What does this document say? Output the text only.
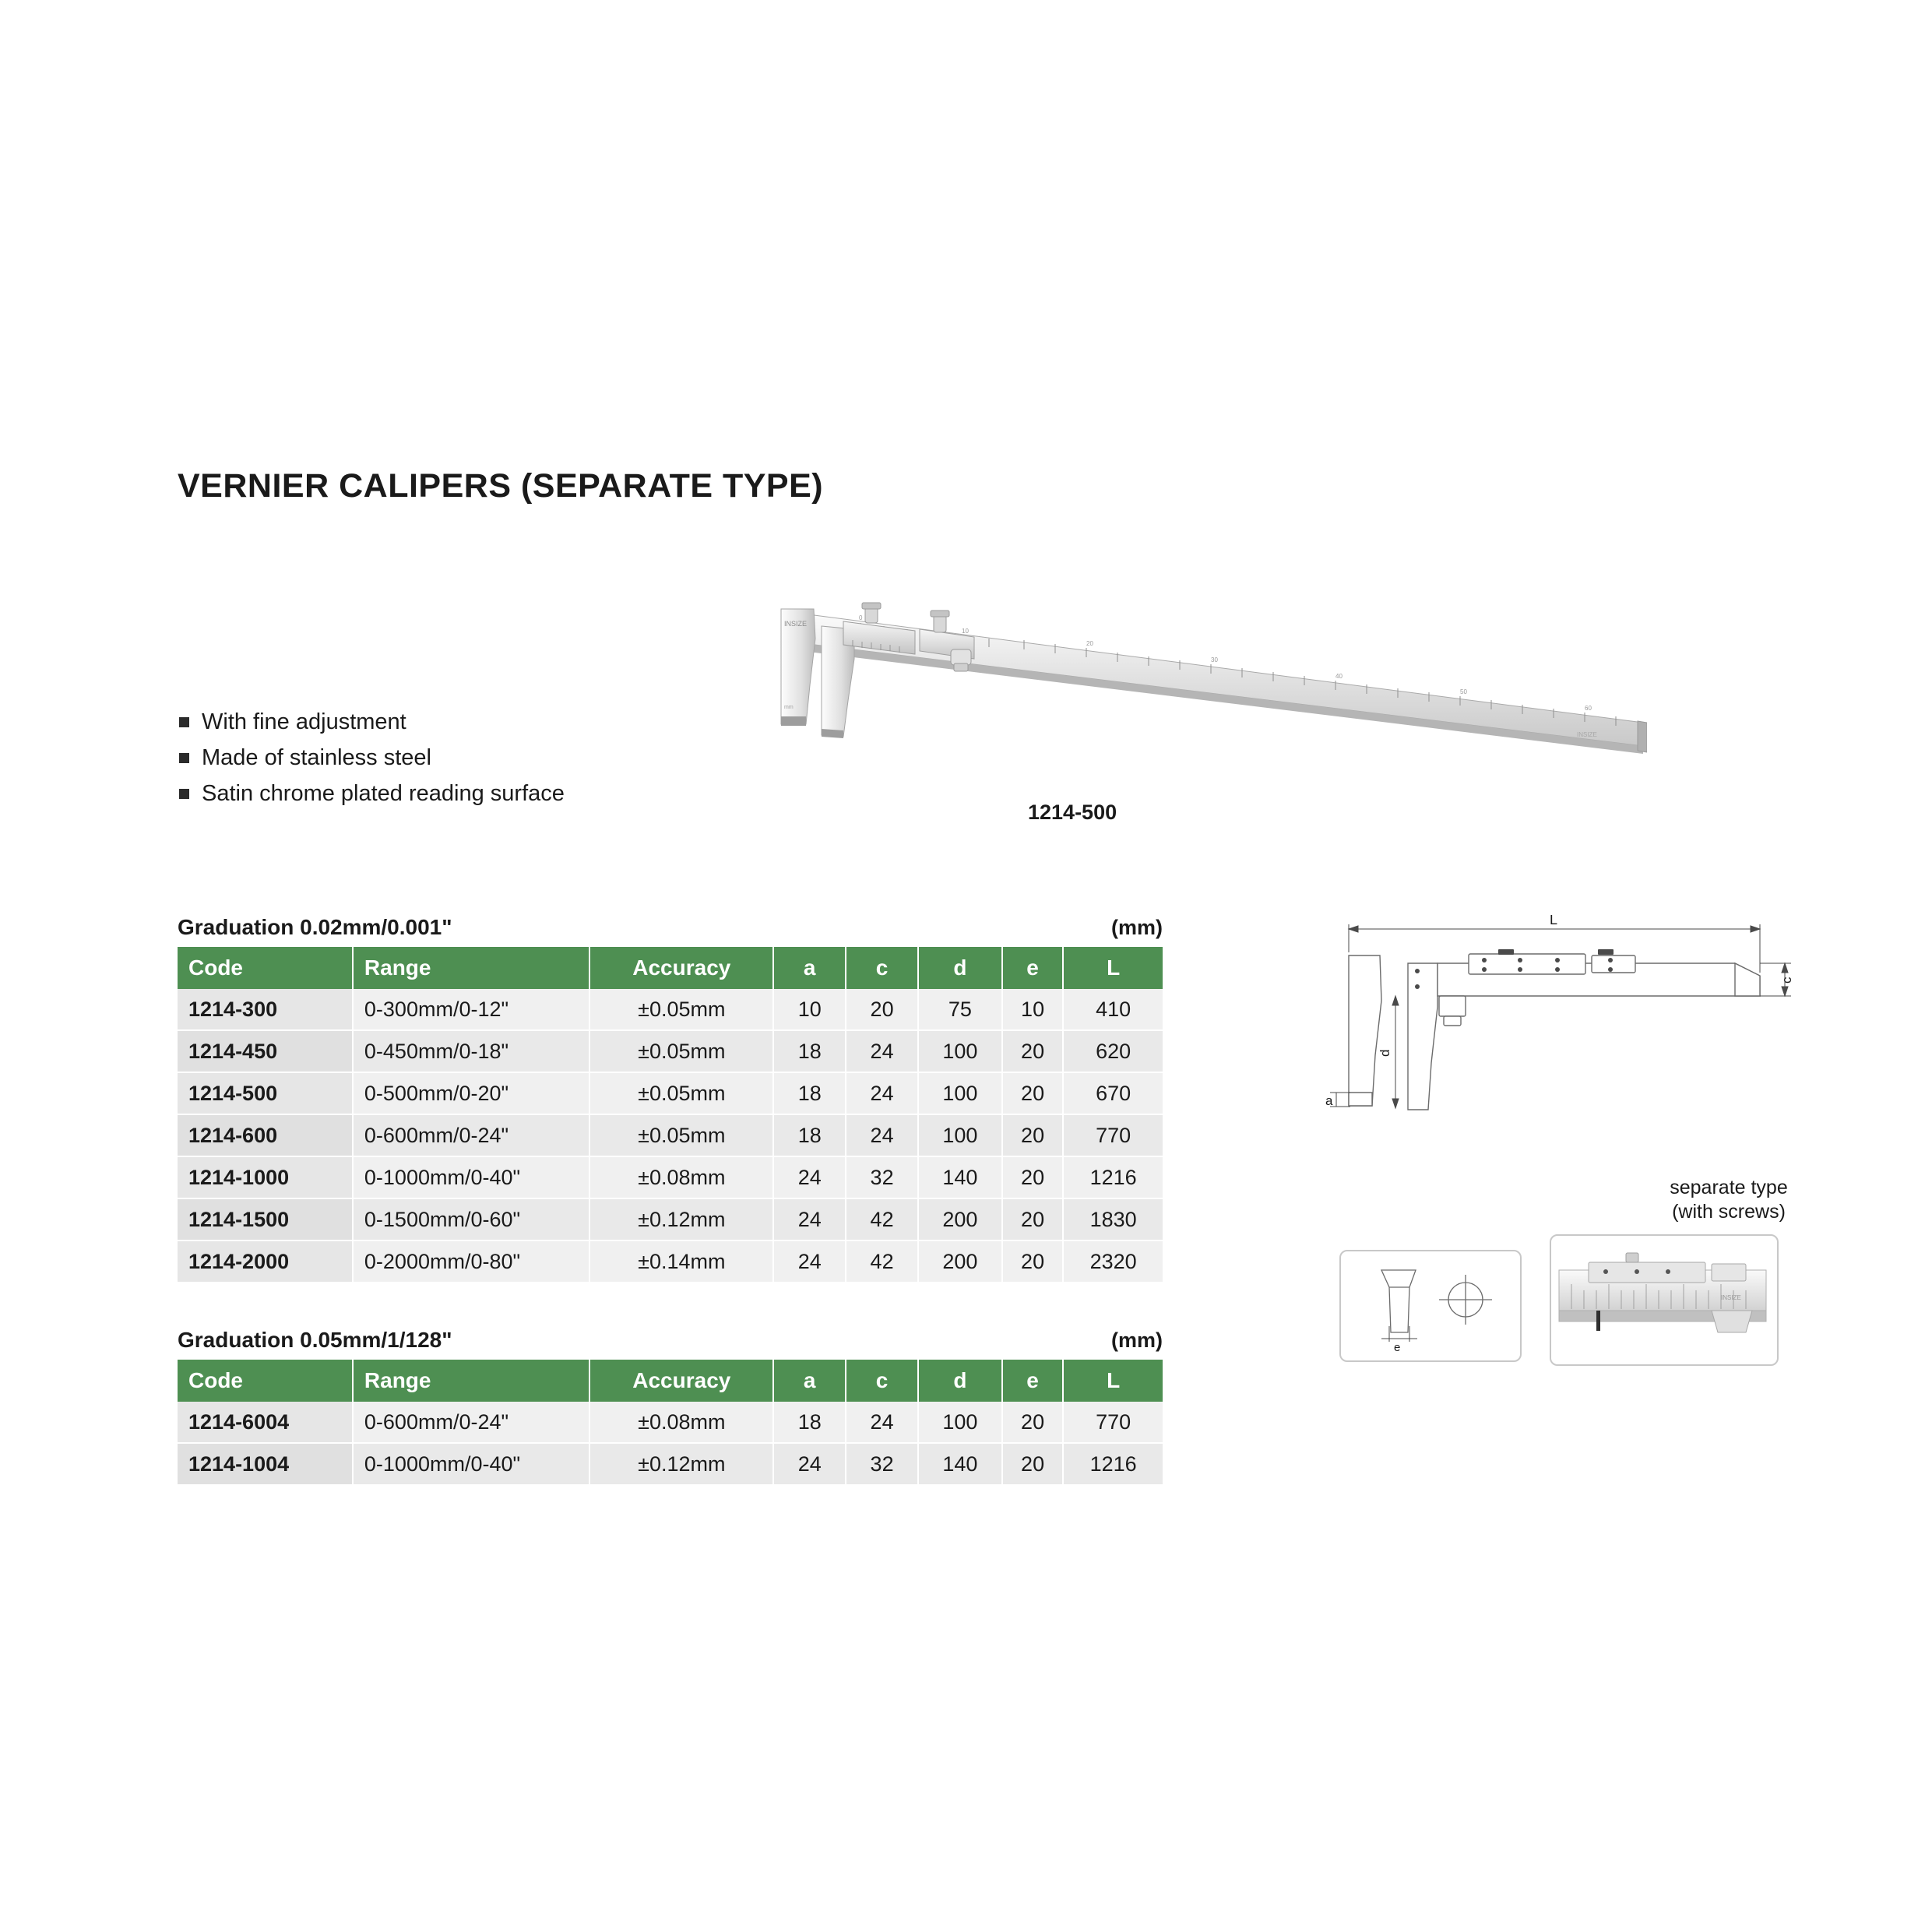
VERNIER CALIPERS (SEPARATE TYPE)
With fine adjustment
Made of stainless steel
Satin chrome plated reading surface
0
10
20
30
40
50
60
INSIZE
mm
INSIZE
1214-500
Graduation 0.02mm/0.001"	(mm)
Code	Range	Accuracy	a	c	d	e	L
1214-300	0-300mm/0-12"	±0.05mm	10	20	75	10	410
1214-450	0-450mm/0-18"	±0.05mm	18	24	100	20	620
1214-500	0-500mm/0-20"	±0.05mm	18	24	100	20	670
1214-600	0-600mm/0-24"	±0.05mm	18	24	100	20	770
1214-1000	0-1000mm/0-40"	±0.08mm	24	32	140	20	1216
1214-1500	0-1500mm/0-60"	±0.12mm	24	42	200	20	1830
1214-2000	0-2000mm/0-80"	±0.14mm	24	42	200	20	2320
Graduation 0.05mm/1/128"	(mm)
Code	Range	Accuracy	a	c	d	e	L
1214-6004	0-600mm/0-24"	±0.08mm	18	24	100	20	770
1214-1004	0-1000mm/0-40"	±0.12mm	24	32	140	20	1216
L
c
d
a
separate type
(with screws)
e
INSIZE
